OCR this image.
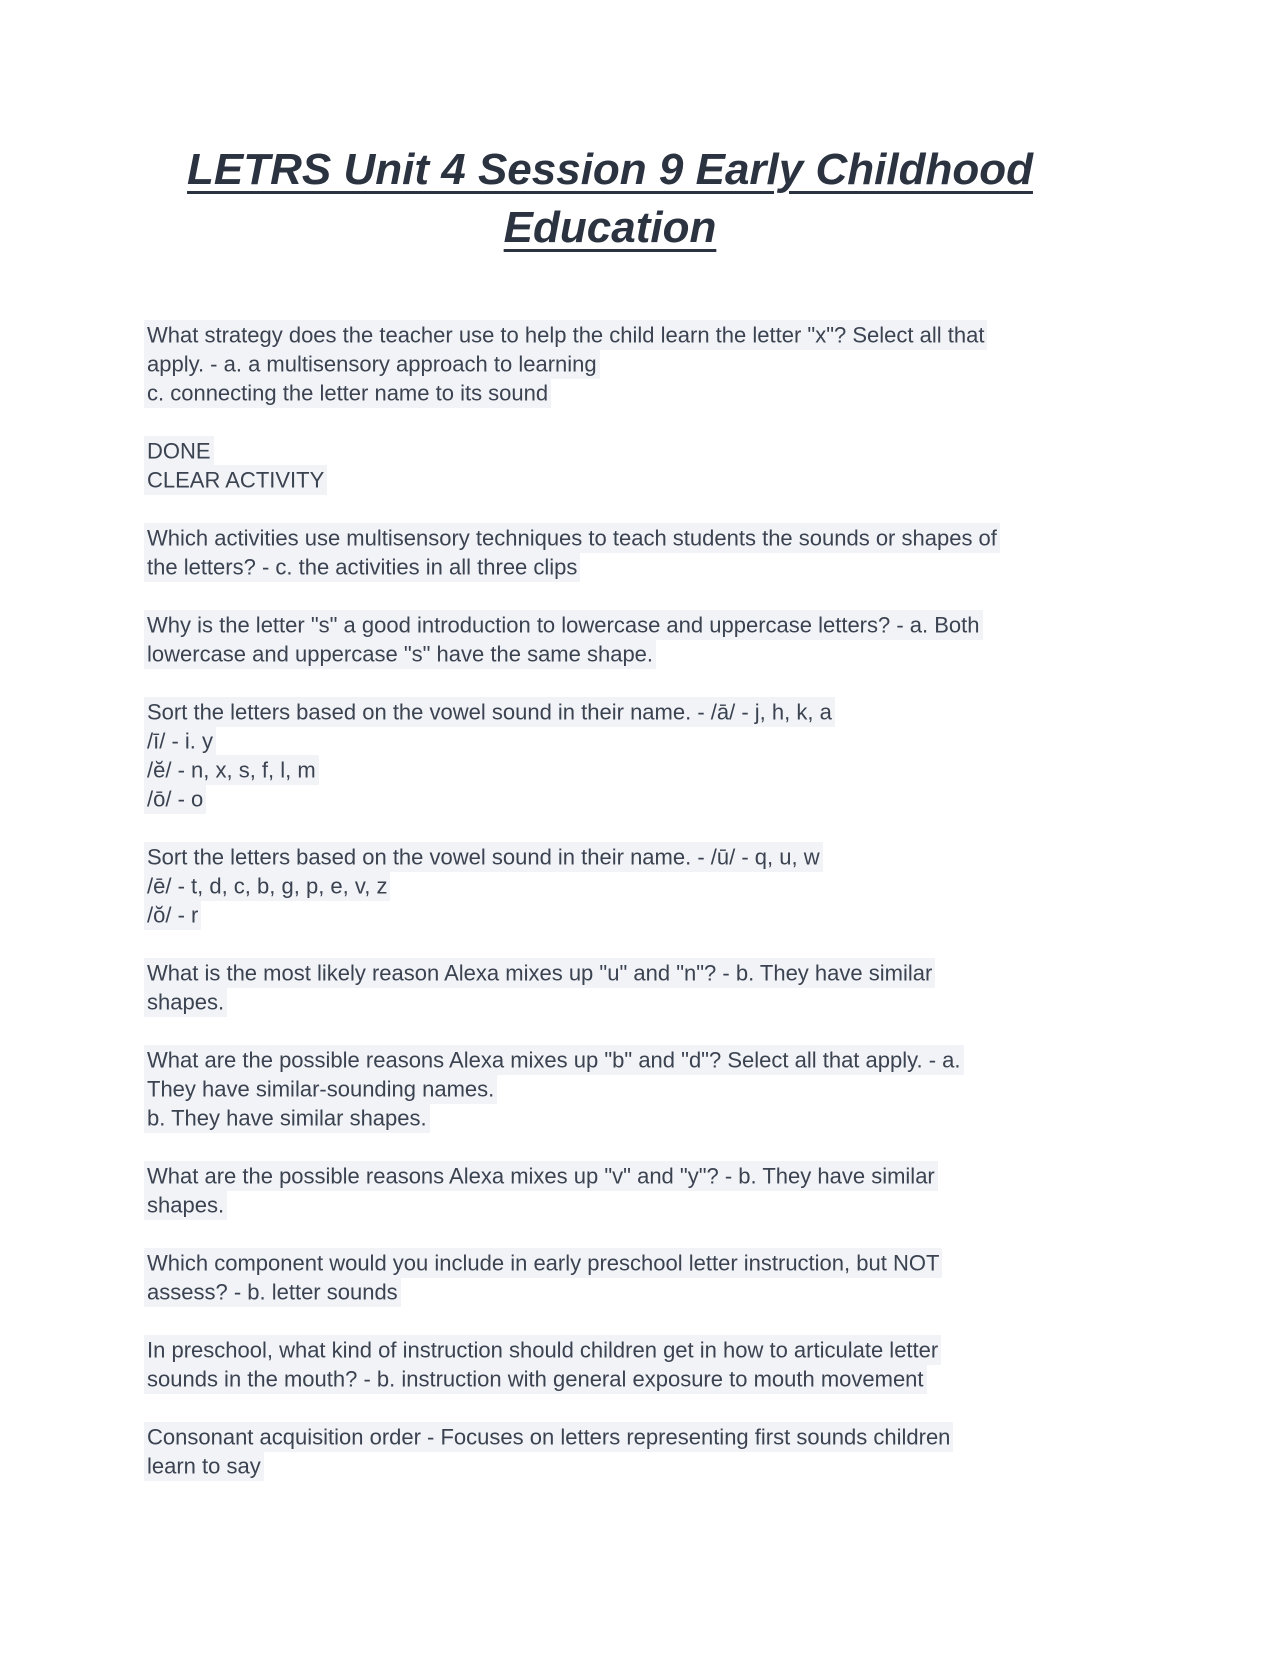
LETRS Unit 4 Session 9 Early Childhood Education

What strategy does the teacher use to help the child learn the letter "x"? Select all that
apply. - a. a multisensory approach to learning
c. connecting the letter name to its sound

DONE
CLEAR ACTIVITY

Which activities use multisensory techniques to teach students the sounds or shapes of
the letters? - c. the activities in all three clips

Why is the letter "s" a good introduction to lowercase and uppercase letters? - a. Both
lowercase and uppercase "s" have the same shape.

Sort the letters based on the vowel sound in their name. - /ā/ - j, h, k, a
/ī/ - i. y
/ĕ/ - n, x, s, f, l, m
/ō/ - o

Sort the letters based on the vowel sound in their name. - /ū/ - q, u, w
/ē/ - t, d, c, b, g, p, e, v, z
/ŏ/ - r

What is the most likely reason Alexa mixes up "u" and "n"? - b. They have similar
shapes.

What are the possible reasons Alexa mixes up "b" and "d"? Select all that apply. - a.
They have similar-sounding names.
b. They have similar shapes.

What are the possible reasons Alexa mixes up "v" and "y"? - b. They have similar
shapes.

Which component would you include in early preschool letter instruction, but NOT
assess? - b. letter sounds

In preschool, what kind of instruction should children get in how to articulate letter
sounds in the mouth? - b. instruction with general exposure to mouth movement

Consonant acquisition order - Focuses on letters representing first sounds children
learn to say
